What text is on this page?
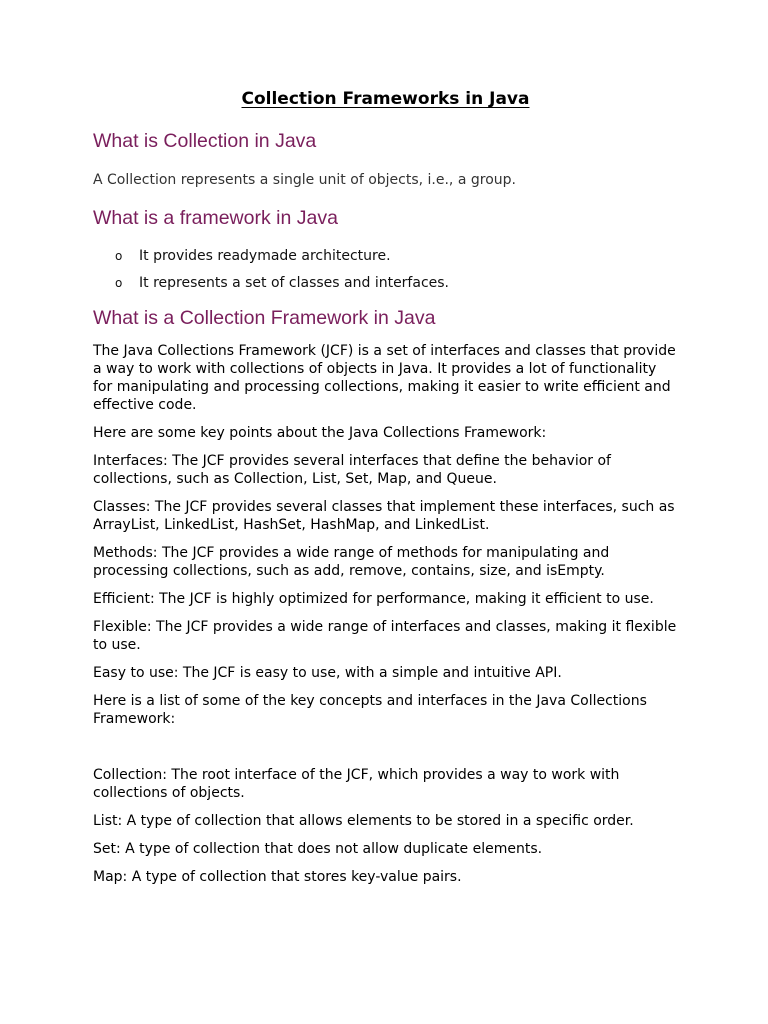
Collection Frameworks in Java
What is Collection in Java

A Collection represents a single unit of objects, i.e., a group.

What is a framework in Java
o It provides readymade architecture.
o It represents a set of classes and interfaces.
What is a Collection Framework in Java

The Java Collections Framework (JCF) is a set of interfaces and classes that provide a way to work with collections of objects in Java. It provides a lot of functionality for manipulating and processing collections, making it easier to write efficient and effective code.

Here are some key points about the Java Collections Framework:

Interfaces: The JCF provides several interfaces that define the behavior of collections, such as Collection, List, Set, Map, and Queue.

Classes: The JCF provides several classes that implement these interfaces, such as ArrayList, LinkedList, HashSet, HashMap, and LinkedList.

Methods: The JCF provides a wide range of methods for manipulating and processing collections, such as add, remove, contains, size, and isEmpty.

Efficient: The JCF is highly optimized for performance, making it efficient to use.

Flexible: The JCF provides a wide range of interfaces and classes, making it flexible to use.

Easy to use: The JCF is easy to use, with a simple and intuitive API.

Here is a list of some of the key concepts and interfaces in the Java Collections Framework:

Collection: The root interface of the JCF, which provides a way to work with collections of objects.

List: A type of collection that allows elements to be stored in a specific order.

Set: A type of collection that does not allow duplicate elements.

Map: A type of collection that stores key-value pairs.
